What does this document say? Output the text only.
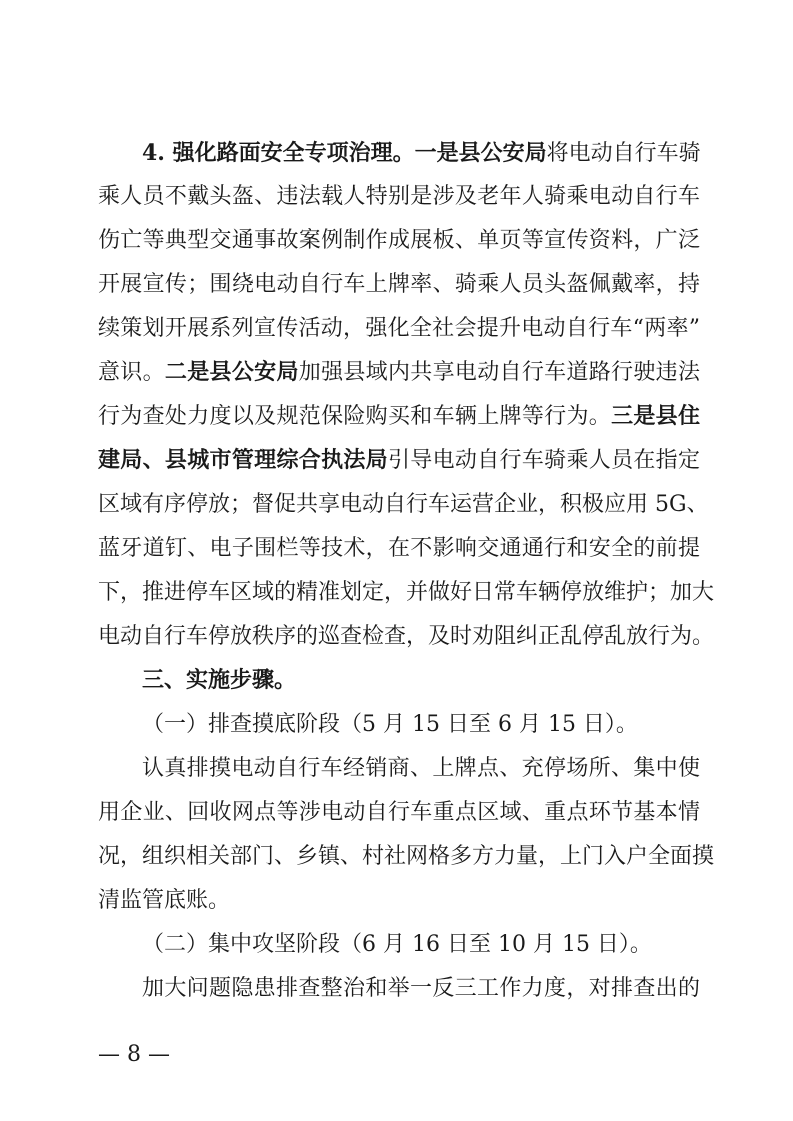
4. 强化路面安全专项治理。一是县公安局将电动自行车骑
乘人员不戴头盔、违法载人特别是涉及老年人骑乘电动自行车
伤亡等典型交通事故案例制作成展板、单页等宣传资料，广泛
开展宣传；围绕电动自行车上牌率、骑乘人员头盔佩戴率，持
续策划开展系列宣传活动，强化全社会提升电动自行车“两率”
意识。二是县公安局加强县域内共享电动自行车道路行驶违法
行为查处力度以及规范保险购买和车辆上牌等行为。三是县住
建局、县城市管理综合执法局引导电动自行车骑乘人员在指定
区域有序停放；督促共享电动自行车运营企业，积极应用 5G、
蓝牙道钉、电子围栏等技术，在不影响交通通行和安全的前提
下，推进停车区域的精准划定，并做好日常车辆停放维护；加大
电动自行车停放秩序的巡查检查，及时劝阻纠正乱停乱放行为。
三、实施步骤。
（一）排查摸底阶段（5 月 15 日至 6 月 15 日）。
认真排摸电动自行车经销商、上牌点、充停场所、集中使
用企业、回收网点等涉电动自行车重点区域、重点环节基本情
况，组织相关部门、乡镇、村社网格多方力量，上门入户全面摸
清监管底账。
（二）集中攻坚阶段（6 月 16 日至 10 月 15 日）。
加大问题隐患排查整治和举一反三工作力度，对排查出的
— 8 —
